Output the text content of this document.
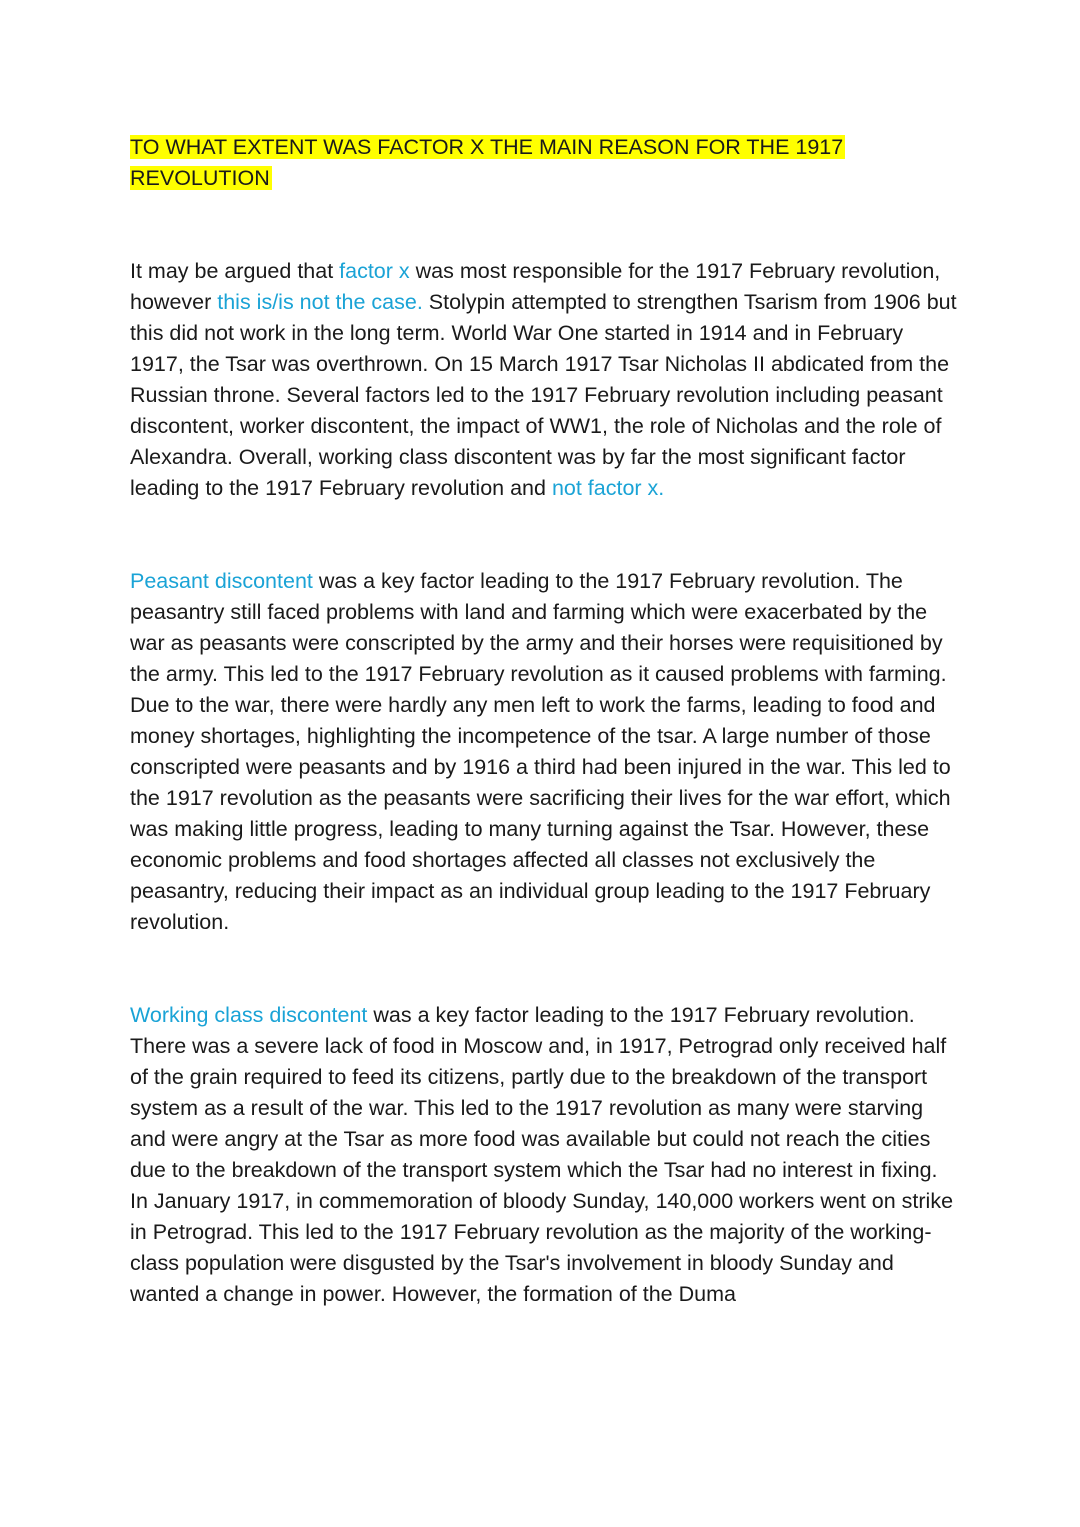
TO WHAT EXTENT WAS FACTOR X THE MAIN REASON FOR THE 1917
REVOLUTION

It may be argued that factor x was most responsible for the 1917 February revolution, however this is/is not the case. Stolypin attempted to strengthen Tsarism from 1906 but this did not work in the long term. World War One started in 1914 and in February 1917, the Tsar was overthrown. On 15 March 1917 Tsar Nicholas II abdicated from the Russian throne. Several factors led to the 1917 February revolution including peasant discontent, worker discontent, the impact of WW1, the role of Nicholas and the role of Alexandra. Overall, working class discontent was by far the most significant factor leading to the 1917 February revolution and not factor x.

Peasant discontent was a key factor leading to the 1917 February revolution. The peasantry still faced problems with land and farming which were exacerbated by the war as peasants were conscripted by the army and their horses were requisitioned by the army. This led to the 1917 February revolution as it caused problems with farming. Due to the war, there were hardly any men left to work the farms, leading to food and money shortages, highlighting the incompetence of the tsar. A large number of those conscripted were peasants and by 1916 a third had been injured in the war. This led to the 1917 revolution as the peasants were sacrificing their lives for the war effort, which was making little progress, leading to many turning against the Tsar. However, these economic problems and food shortages affected all classes not exclusively the peasantry, reducing their impact as an individual group leading to the 1917 February revolution.

Working class discontent was a key factor leading to the 1917 February revolution. There was a severe lack of food in Moscow and, in 1917, Petrograd only received half of the grain required to feed its citizens, partly due to the breakdown of the transport system as a result of the war. This led to the 1917 revolution as many were starving and were angry at the Tsar as more food was available but could not reach the cities due to the breakdown of the transport system which the Tsar had no interest in fixing. In January 1917, in commemoration of bloody Sunday, 140,000 workers went on strike in Petrograd. This led to the 1917 February revolution as the majority of the working-class population were disgusted by the Tsar's involvement in bloody Sunday and wanted a change in power. However, the formation of the Duma
